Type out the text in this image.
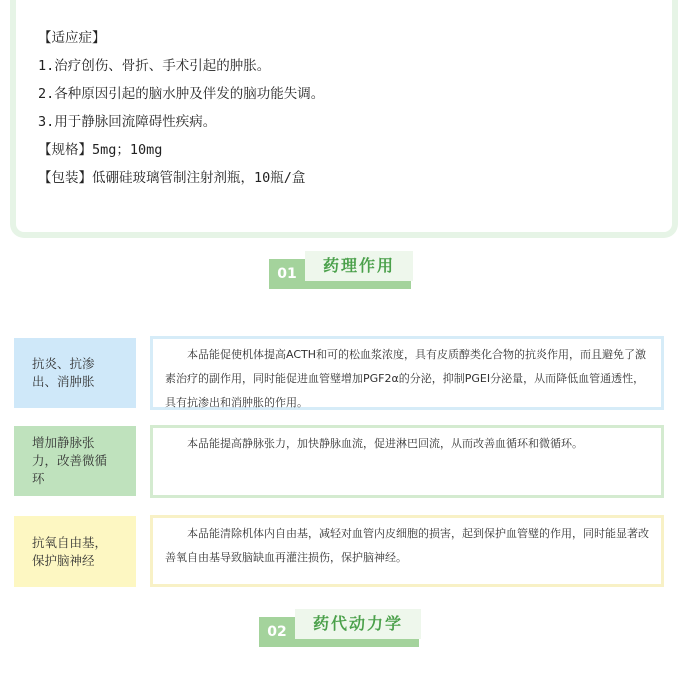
【适应症】
1.治疗创伤、骨折、手术引起的肿胀。
2.各种原因引起的脑水肿及伴发的脑功能失调。
3.用于静脉回流障碍性疾病。
【规格】5mg；10mg
【包装】低硼硅玻璃管制注射剂瓶，10瓶/盒
01	药理作用
抗炎、抗渗出、消肿胀
本品能促使机体提高ACTH和可的松血浆浓度，具有皮质醇类化合物的抗炎作用，而且避免了激素治疗的副作用，同时能促进血管璧增加PGF2α的分泌，抑制PGEI分泌量，从而降低血管通透性，具有抗渗出和消肿胀的作用。
增加静脉张力，改善微循环
本品能提高静脉张力，加快静脉血流，促进淋巴回流，从而改善血循环和微循环。
抗氧自由基，保护脑神经
本品能清除机体内自由基，减轻对血管内皮细胞的损害，起到保护血管璧的作用，同时能显著改善氧自由基导致脑缺血再灌注损伤，保护脑神经。
02	药代动力学
